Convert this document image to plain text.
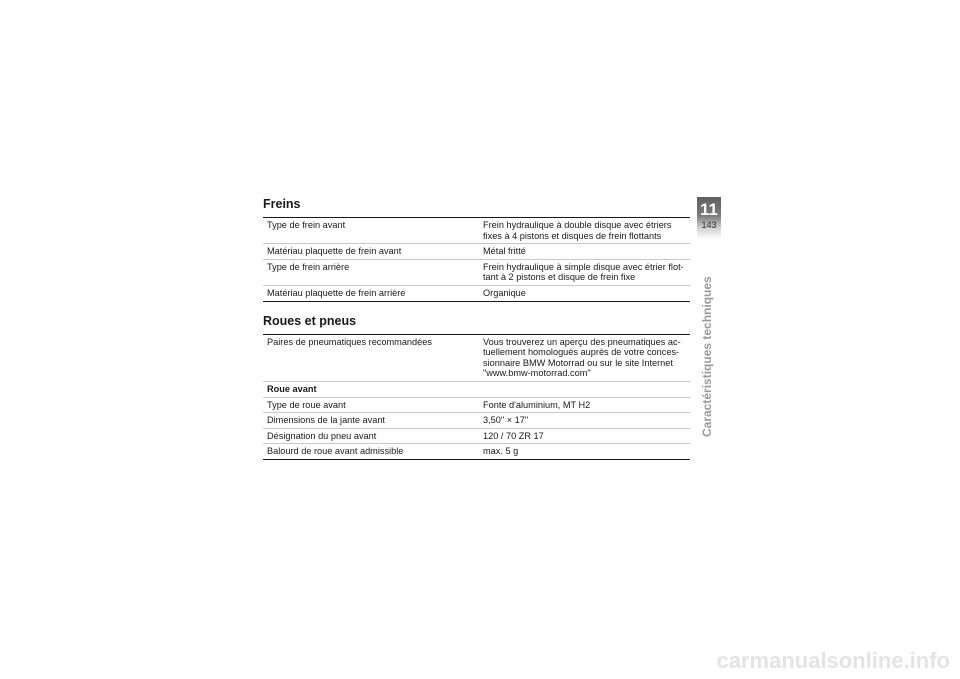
Freins
Type de frein avant	Frein hydraulique à double disque avec étriers fixes à 4 pistons et disques de frein flottants
Matériau plaquette de frein avant	Métal fritté
Type de frein arrière	Frein hydraulique à simple disque avec étrier flot-tant à 2 pistons et disque de frein fixe
Matériau plaquette de frein arrière	Organique
Roues et pneus
Paires de pneumatiques recommandées	Vous trouverez un aperçu des pneumatiques ac-tuellement homologués auprès de votre conces-sionnaire BMW Motorrad ou sur le site Internet "www.bmw-motorrad.com"
Roue avant	
Type de roue avant	Fonte d'aluminium, MT H2
Dimensions de la jante avant	3,50" × 17"
Désignation du pneu avant	120 / 70 ZR 17
Balourd de roue avant admissible	max. 5 g
11
143
Caractéristiques techniques
carmanualsonline.info
